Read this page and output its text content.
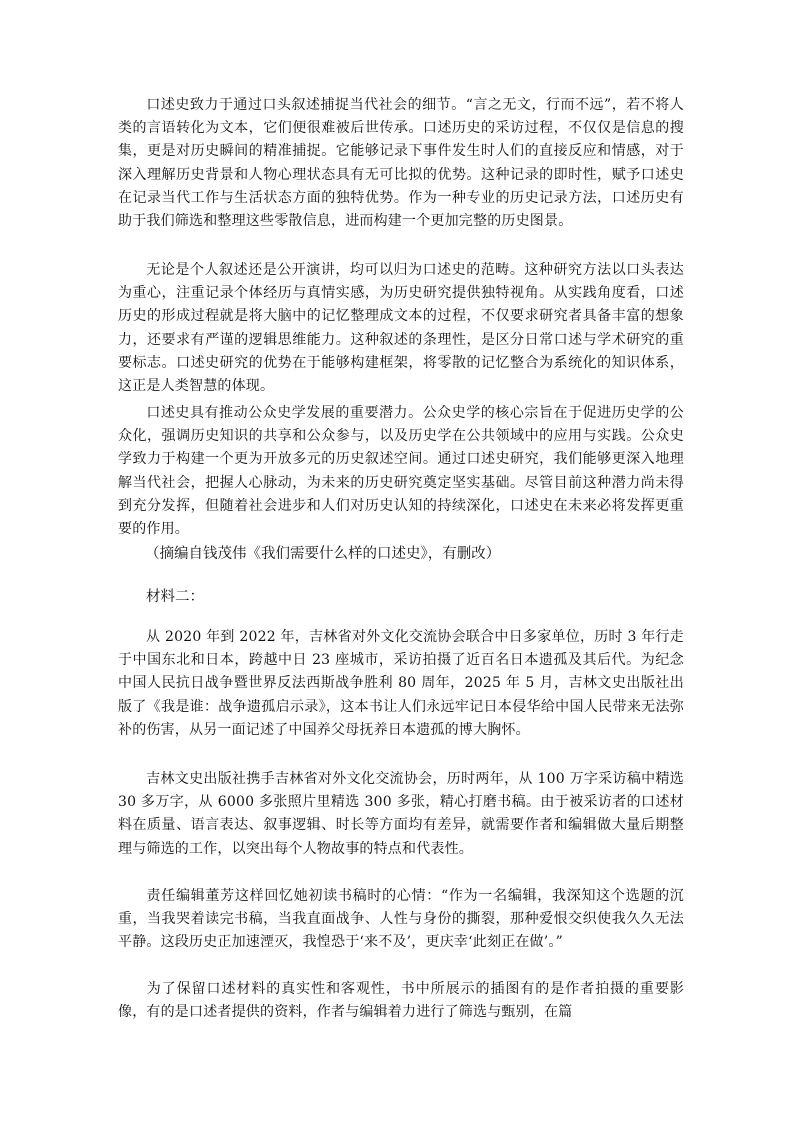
口述史致力于通过口头叙述捕捉当代社会的细节。“言之无文，行而不远”，若不将人类的言语转化为文本，它们便很难被后世传承。口述历史的采访过程，不仅仅是信息的搜集，更是对历史瞬间的精准捕捉。它能够记录下事件发生时人们的直接反应和情感，对于深入理解历史背景和人物心理状态具有无可比拟的优势。这种记录的即时性，赋予口述史在记录当代工作与生活状态方面的独特优势。作为一种专业的历史记录方法，口述历史有助于我们筛选和整理这些零散信息，进而构建一个更加完整的历史图景。

无论是个人叙述还是公开演讲，均可以归为口述史的范畴。这种研究方法以口头表达为重心，注重记录个体经历与真情实感，为历史研究提供独特视角。从实践角度看，口述历史的形成过程就是将大脑中的记忆整理成文本的过程，不仅要求研究者具备丰富的想象力，还要求有严谨的逻辑思维能力。这种叙述的条理性，是区分日常口述与学术研究的重要标志。口述史研究的优势在于能够构建框架，将零散的记忆整合为系统化的知识体系，这正是人类智慧的体现。

口述史具有推动公众史学发展的重要潜力。公众史学的核心宗旨在于促进历史学的公众化，强调历史知识的共享和公众参与，以及历史学在公共领域中的应用与实践。公众史学致力于构建一个更为开放多元的历史叙述空间。通过口述史研究，我们能够更深入地理解当代社会，把握人心脉动，为未来的历史研究奠定坚实基础。尽管目前这种潜力尚未得到充分发挥，但随着社会进步和人们对历史认知的持续深化，口述史在未来必将发挥更重要的作用。

（摘编自钱茂伟《我们需要什么样的口述史》，有删改）

材料二：

从 2020 年到 2022 年，吉林省对外文化交流协会联合中日多家单位，历时 3 年行走于中国东北和日本，跨越中日 23 座城市，采访拍摄了近百名日本遗孤及其后代。为纪念中国人民抗日战争暨世界反法西斯战争胜利 80 周年，2025 年 5 月，吉林文史出版社出版了《我是谁：战争遗孤启示录》，这本书让人们永远牢记日本侵华给中国人民带来无法弥补的伤害，从另一面记述了中国养父母抚养日本遗孤的博大胸怀。

吉林文史出版社携手吉林省对外文化交流协会，历时两年，从 100 万字采访稿中精选 30 多万字，从 6000 多张照片里精选 300 多张，精心打磨书稿。由于被采访者的口述材料在质量、语言表达、叙事逻辑、时长等方面均有差异，就需要作者和编辑做大量后期整理与筛选的工作，以突出每个人物故事的特点和代表性。

责任编辑董芳这样回忆她初读书稿时的心情：“作为一名编辑，我深知这个选题的沉重，当我哭着读完书稿，当我直面战争、人性与身份的撕裂，那种爱恨交织使我久久无法平静。这段历史正加速湮灭，我惶恐于‘来不及’，更庆幸‘此刻正在做’。”

为了保留口述材料的真实性和客观性，书中所展示的插图有的是作者拍摄的重要影像，有的是口述者提供的资料，作者与编辑着力进行了筛选与甄别，在篇
